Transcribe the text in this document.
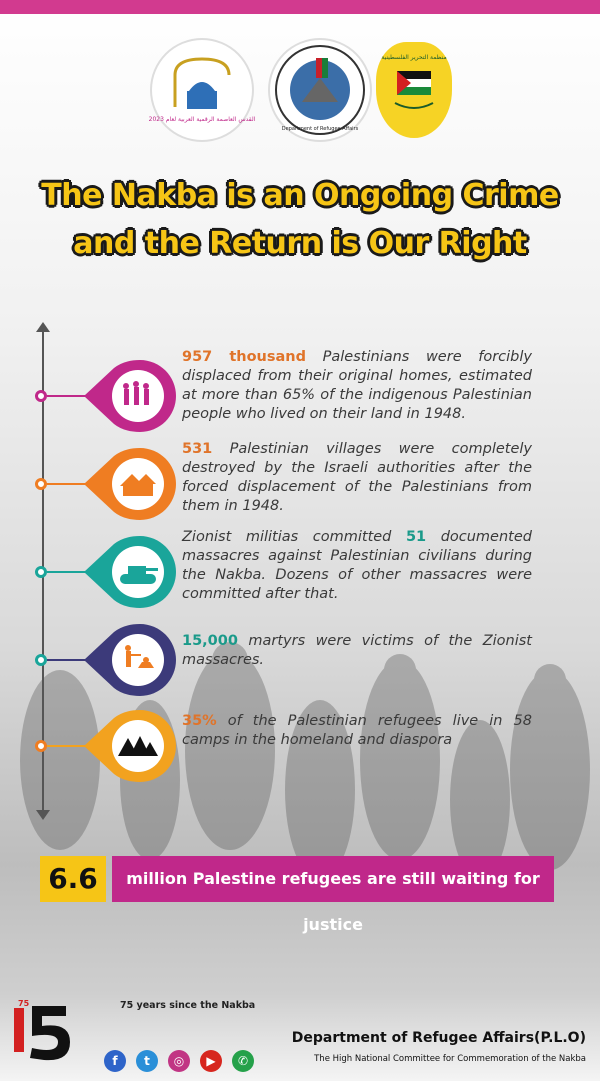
القدس العاصمة الرقمية العربية لعام 2023
Department of Refugee Affairs
منظمة التحرير الفلسطينية
The Nakba is an Ongoing Crime
and the Return is Our Right
957 thousand Palestinians were forcibly displaced from their original homes, estimated at more than 65% of the indigenous Palestinian people who lived on their land in 1948.
531 Palestinian villages were completely destroyed by the Israeli authorities after the forced displacement of the Palestinians from them in 1948.
Zionist militias committed 51 documented massacres against Palestinian civilians during the Nakba. Dozens of other massacres were committed after that.
15,000 martyrs were victims of the Zionist massacres.
35% of the Palestinian refugees live in 58 camps in the homeland and diaspora
6.6	million Palestine refugees are still waiting for justice
75	75 years since the Nakba
f	t	◎	▶	✆
Department of Refugee Affairs(P.L.O)
The High National Committee for Commemoration of the Nakba
